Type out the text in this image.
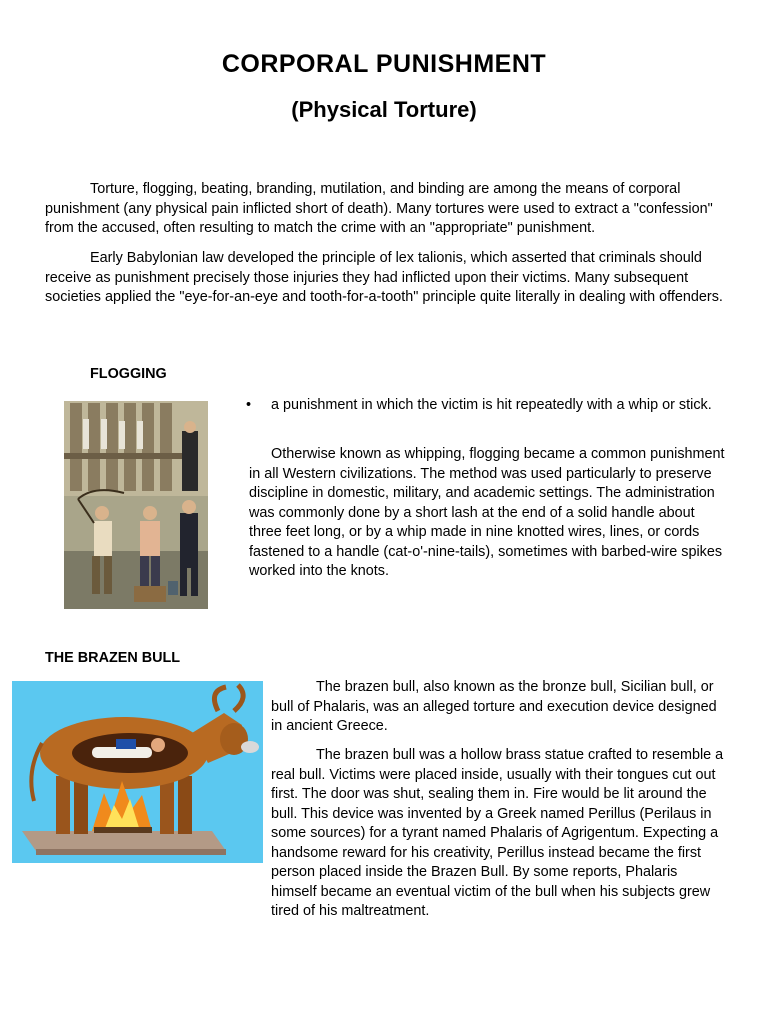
CORPORAL PUNISHMENT
(Physical Torture)

Torture, flogging, beating, branding, mutilation, and binding are among the means of corporal punishment (any physical pain inflicted short of death). Many tortures were used to extract a "confession" from the accused, often resulting to match the crime with an "appropriate" punishment.

Early Babylonian law developed the principle of lex talionis, which asserted that criminals should receive as punishment precisely those injuries they had inflicted upon their victims. Many subsequent societies applied the "eye-for-an-eye and tooth-for-a-tooth" principle quite literally in dealing with offenders.

FLOGGING
• a punishment in which the victim is hit repeatedly with a whip or stick.

Otherwise known as whipping, flogging became a common punishment in all Western civilizations. The method was used particularly to preserve discipline in domestic, military, and academic settings. The administration was commonly done by a short lash at the end of a solid handle about three feet long, or by a whip made in nine knotted wires, lines, or cords fastened to a handle (cat-o'-nine-tails), sometimes with barbed-wire spikes worked into the knots.

THE BRAZEN BULL

The brazen bull, also known as the bronze bull, Sicilian bull, or bull of Phalaris, was an alleged torture and execution device designed in ancient Greece.

The brazen bull was a hollow brass statue crafted to resemble a real bull. Victims were placed inside, usually with their tongues cut out first. The door was shut, sealing them in. Fire would be lit around the bull. This device was invented by a Greek named Perillus (Perilaus in some sources) for a tyrant named Phalaris of Agrigentum. Expecting a handsome reward for his creativity, Perillus instead became the first person placed inside the Brazen Bull. By some reports, Phalaris himself became an eventual victim of the bull when his subjects grew tired of his maltreatment.
